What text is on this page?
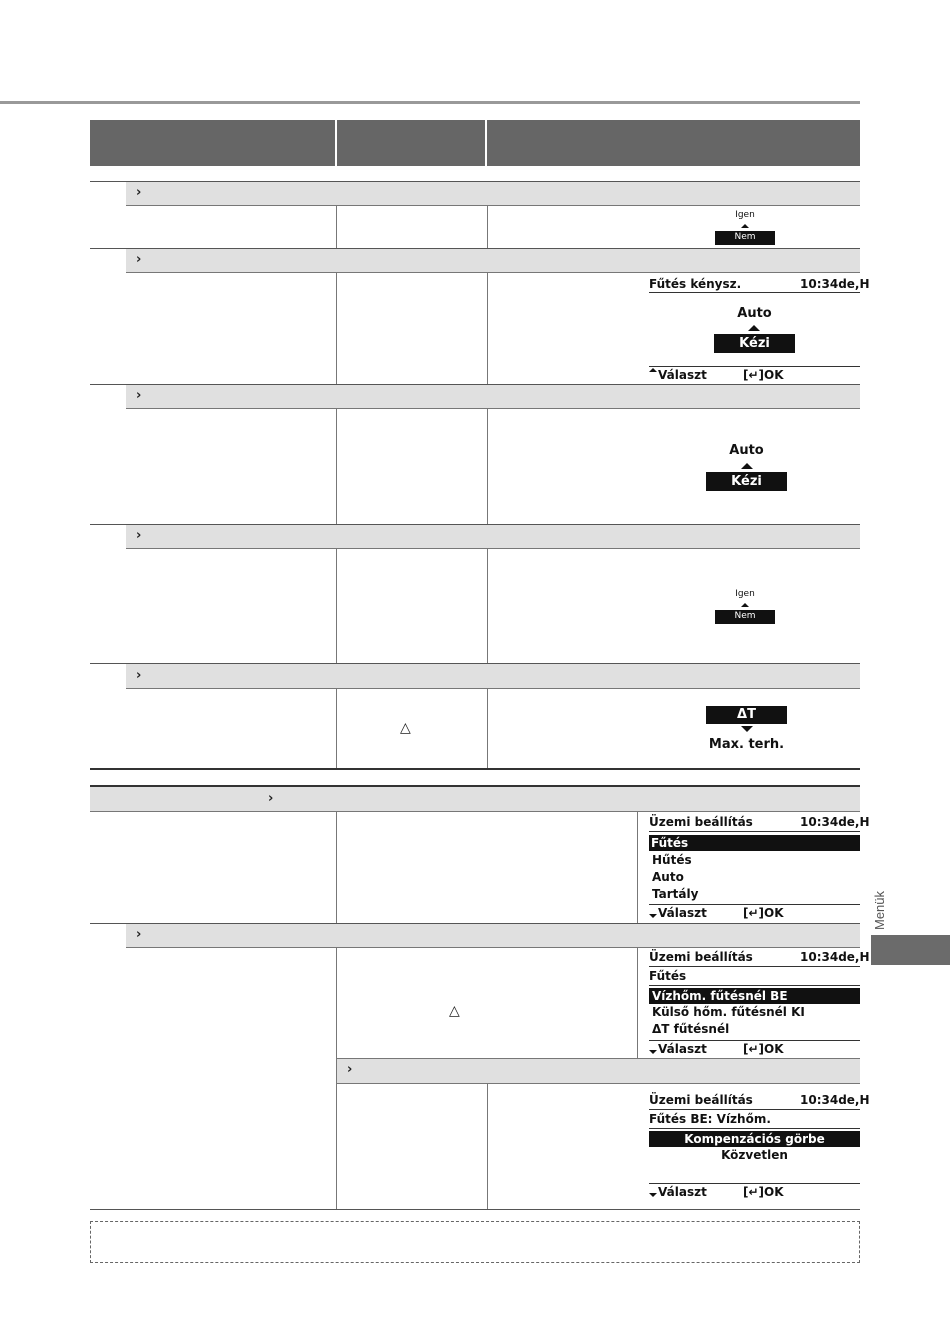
›
Igen
Nem
›
Fűtés kénysz.	10:34de,H
Auto
Kézi
Választ	[↵]OK
›
Auto
Kézi
›
Igen
Nem
›
△
ΔT
Max. terh.
›
Üzemi beállítás	10:34de,H
Fűtés
Hűtés
Auto
Tartály
Választ	[↵]OK
›
△
Üzemi beállítás	10:34de,H
Fűtés
Vízhőm. fűtésnél BE
Külső hőm. fűtésnél KI
ΔT fűtésnél
Választ	[↵]OK
›
Üzemi beállítás	10:34de,H
Fűtés BE: Vízhőm.
Kompenzációs görbe
Közvetlen
Választ	[↵]OK
Menük
